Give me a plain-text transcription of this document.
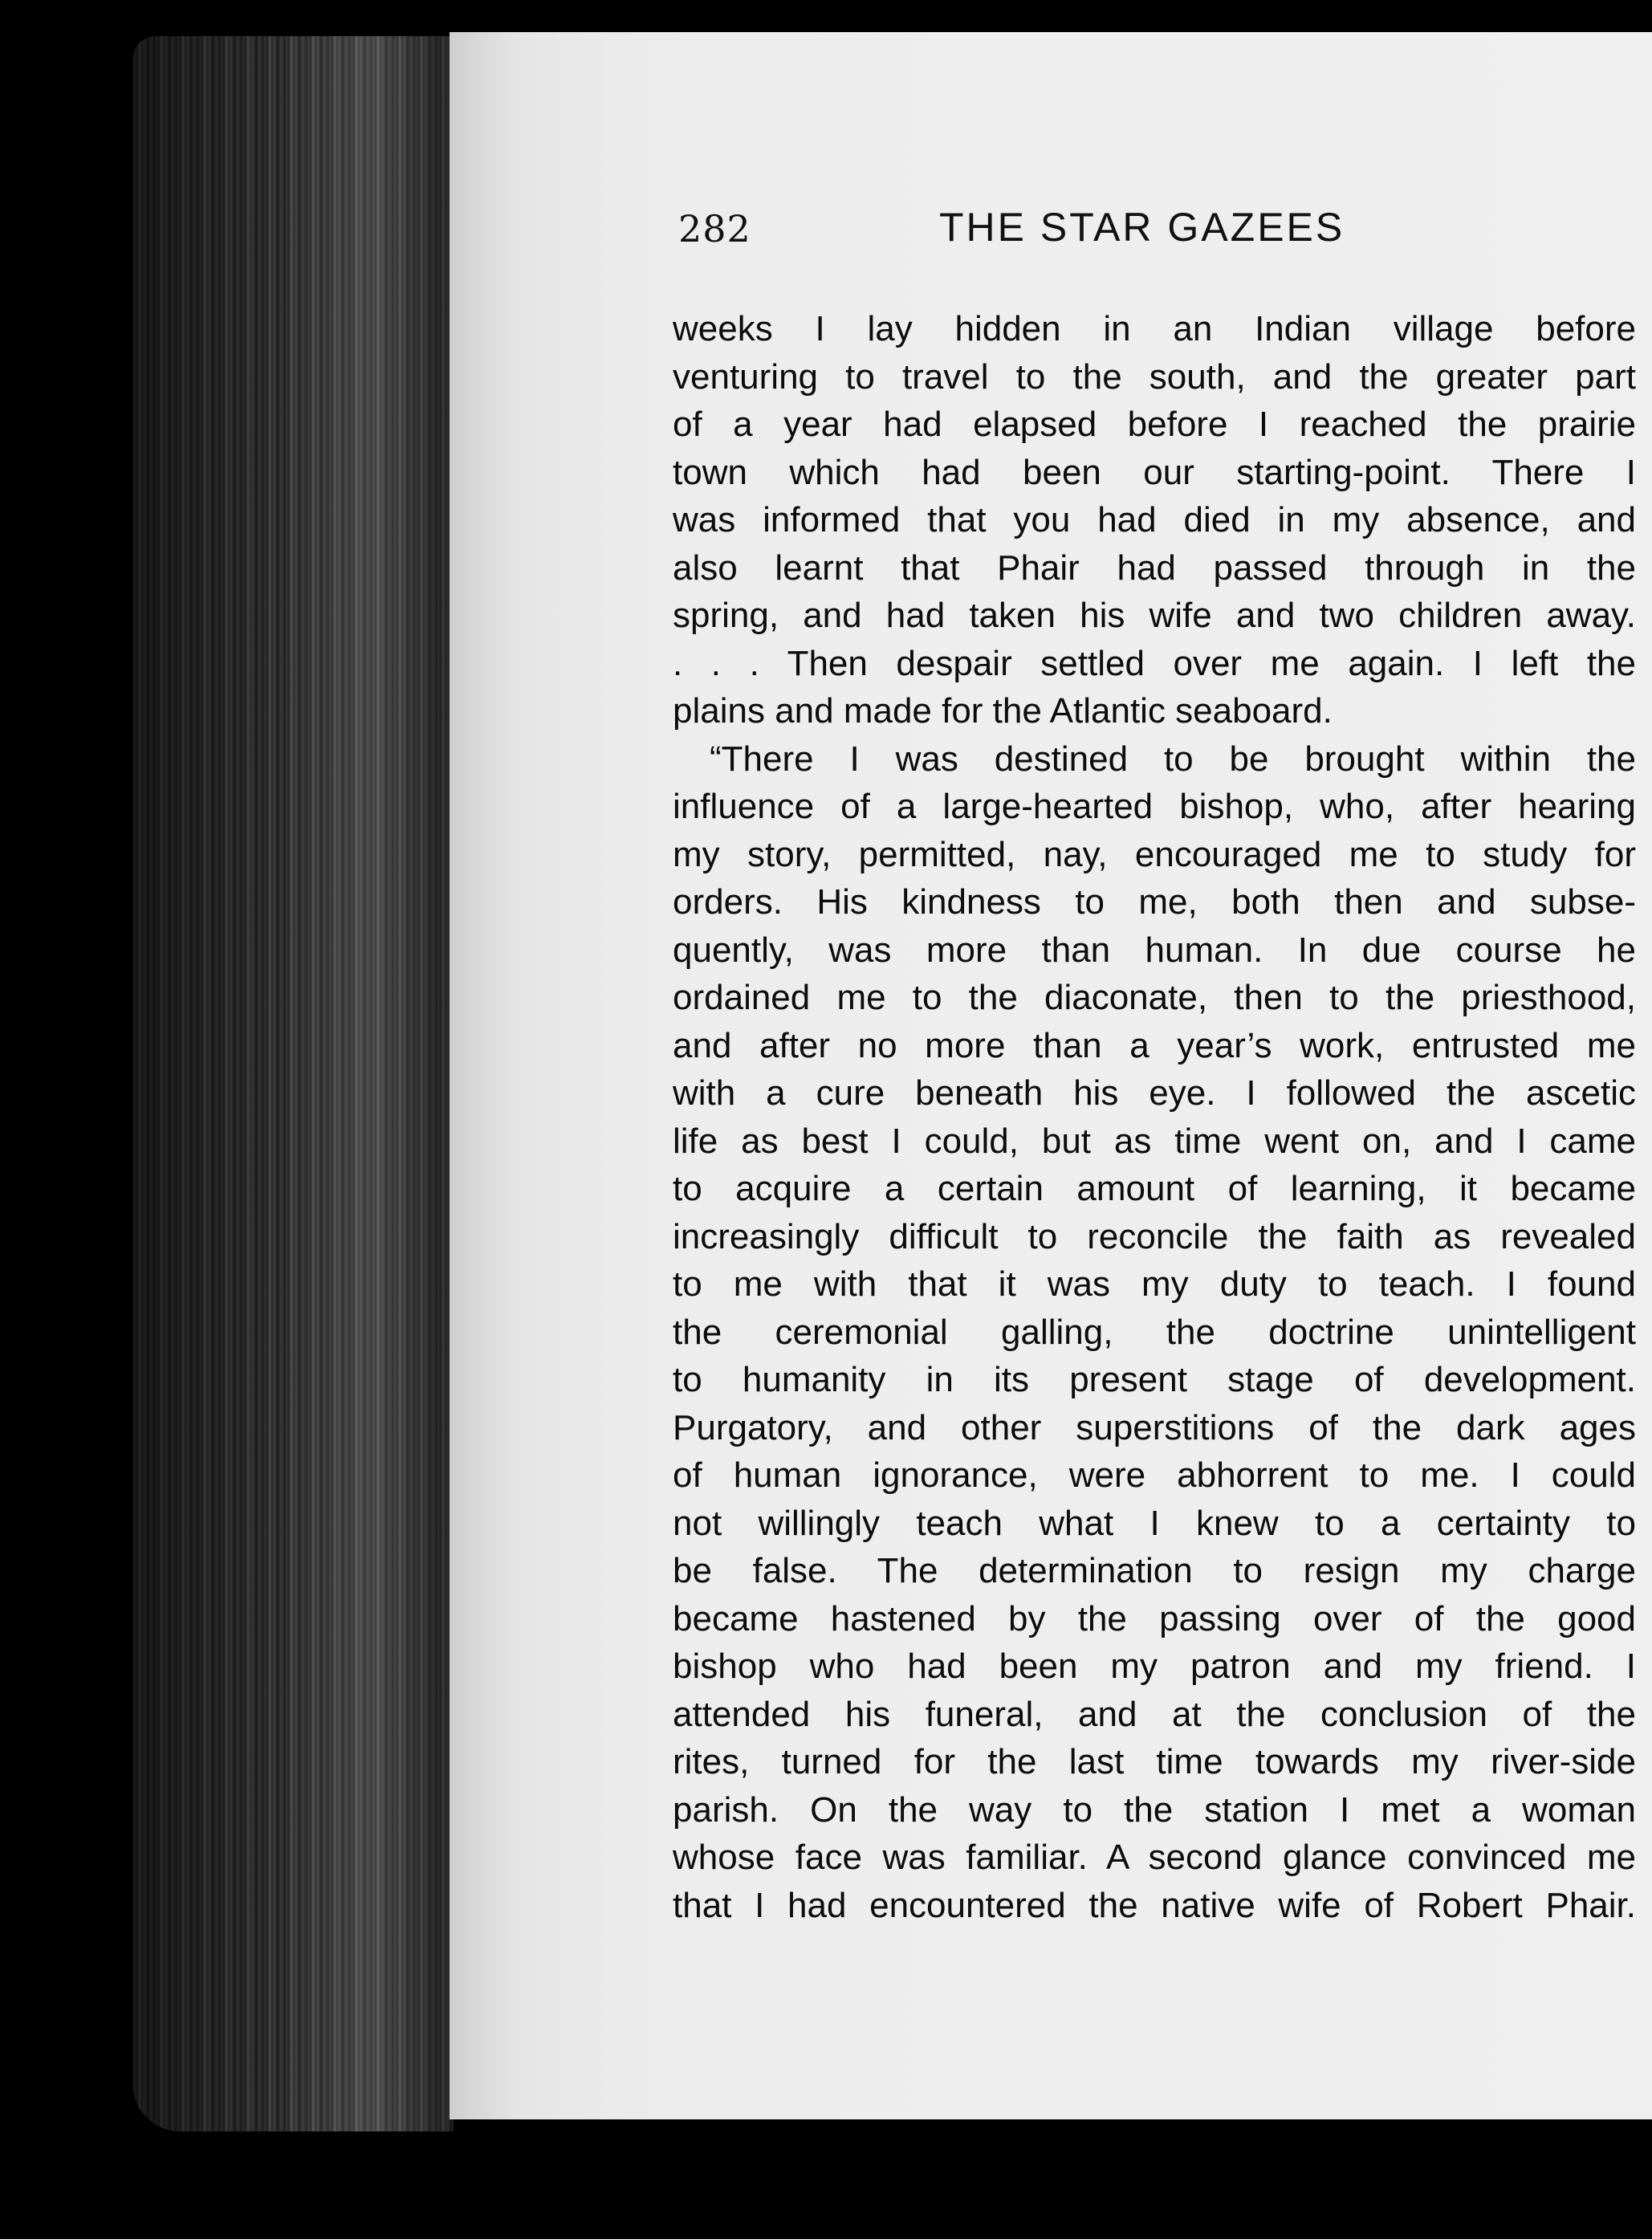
282	THE STAR GAZEES
weeks I lay hidden in an Indian village before
venturing to travel to the south, and the greater part
of a year had elapsed before I reached the prairie
town which had been our starting-point. There I
was informed that you had died in my absence, and
also learnt that Phair had passed through in the
spring, and had taken his wife and two children away.
. . . Then despair settled over me again. I left the
plains and made for the Atlantic seaboard.
“There I was destined to be brought within the
influence of a large-hearted bishop, who, after hearing
my story, permitted, nay, encouraged me to study for
orders. His kindness to me, both then and subse-
quently, was more than human. In due course he
ordained me to the diaconate, then to the priesthood,
and after no more than a year’s work, entrusted me
with a cure beneath his eye. I followed the ascetic
life as best I could, but as time went on, and I came
to acquire a certain amount of learning, it became
increasingly difficult to reconcile the faith as revealed
to me with that it was my duty to teach. I found
the ceremonial galling, the doctrine unintelligent
to humanity in its present stage of development.
Purgatory, and other superstitions of the dark ages
of human ignorance, were abhorrent to me. I could
not willingly teach what I knew to a certainty to
be false. The determination to resign my charge
became hastened by the passing over of the good
bishop who had been my patron and my friend. I
attended his funeral, and at the conclusion of the
rites, turned for the last time towards my river-side
parish. On the way to the station I met a woman
whose face was familiar. A second glance convinced me
that I had encountered the native wife of Robert Phair.
